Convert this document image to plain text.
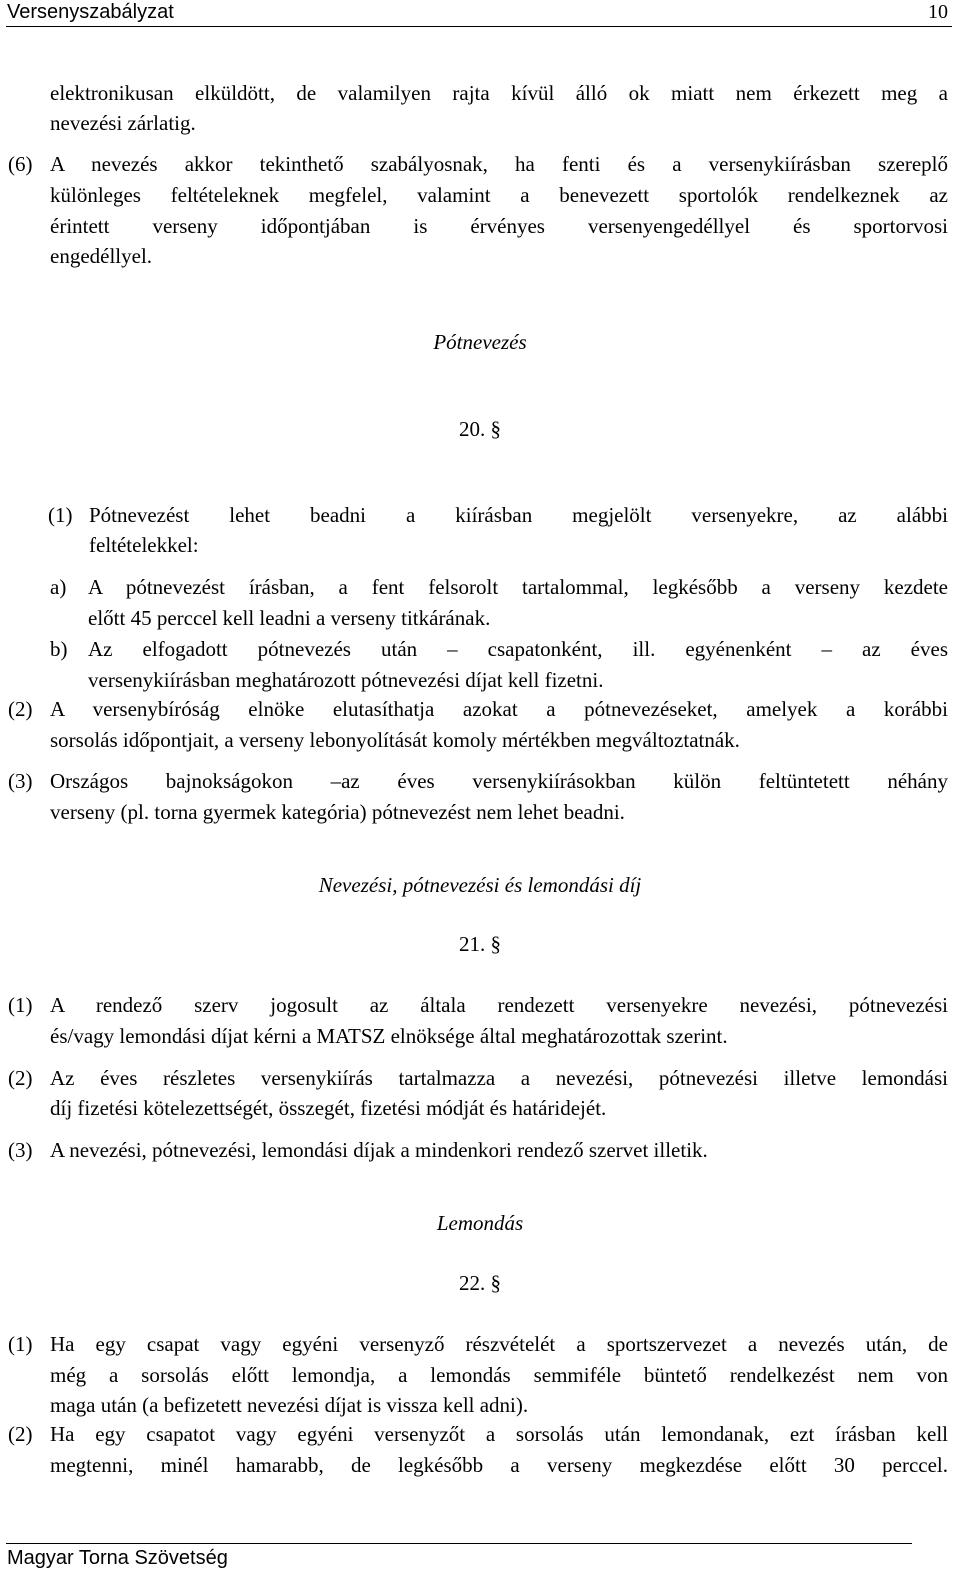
Versenyszabályzat	10
elektronikusan elküldött, de valamilyen rajta kívül álló ok miatt nem érkezett meg a
nevezési zárlatig.
(6) A nevezés akkor tekinthető szabályosnak, ha fenti és a versenykiírásban szereplő
különleges feltételeknek megfelel, valamint a benevezett sportolók rendelkeznek az
érintett verseny időpontjában is érvényes versenyengedéllyel és sportorvosi
engedéllyel.
Pótnevezés
20. §
(1) Pótnevezést lehet beadni a kiírásban megjelölt versenyekre, az alábbi
feltételekkel:
a)	A pótnevezést írásban, a fent felsorolt tartalommal, legkésőbb a verseny kezdete
előtt 45 perccel kell leadni a verseny titkárának.
b) Az elfogadott pótnevezés után – csapatonként, ill. egyénenként – az éves
versenykiírásban meghatározott pótnevezési díjat kell fizetni.
(2) A versenybíróság elnöke elutasíthatja azokat a pótnevezéseket, amelyek a korábbi
sorsolás időpontjait, a verseny lebonyolítását komoly mértékben megváltoztatnák.
(3) Országos bajnokságokon –az éves versenykiírásokban külön feltüntetett néhány
verseny (pl. torna gyermek kategória) pótnevezést nem lehet beadni.
Nevezési, pótnevezési és lemondási díj
21. §
(1) A rendező szerv jogosult az általa rendezett versenyekre nevezési, pótnevezési
és/vagy lemondási díjat kérni a MATSZ elnöksége által meghatározottak szerint.
(2) Az éves részletes versenykiírás tartalmazza a nevezési, pótnevezési illetve lemondási
díj fizetési kötelezettségét, összegét, fizetési módját és határidejét.
(3) A nevezési, pótnevezési, lemondási díjak a mindenkori rendező szervet illetik.
Lemondás
22. §
(1) Ha egy csapat vagy egyéni versenyző részvételét a sportszervezet a nevezés után, de
még a sorsolás előtt lemondja, a lemondás semmiféle büntető rendelkezést nem von
maga után (a befizetett nevezési díjat is vissza kell adni).
(2) Ha egy csapatot vagy egyéni versenyzőt a sorsolás után lemondanak, ezt írásban kell
megtenni, minél hamarabb, de legkésőbb a verseny megkezdése előtt 30 perccel.
Magyar Torna Szövetség
